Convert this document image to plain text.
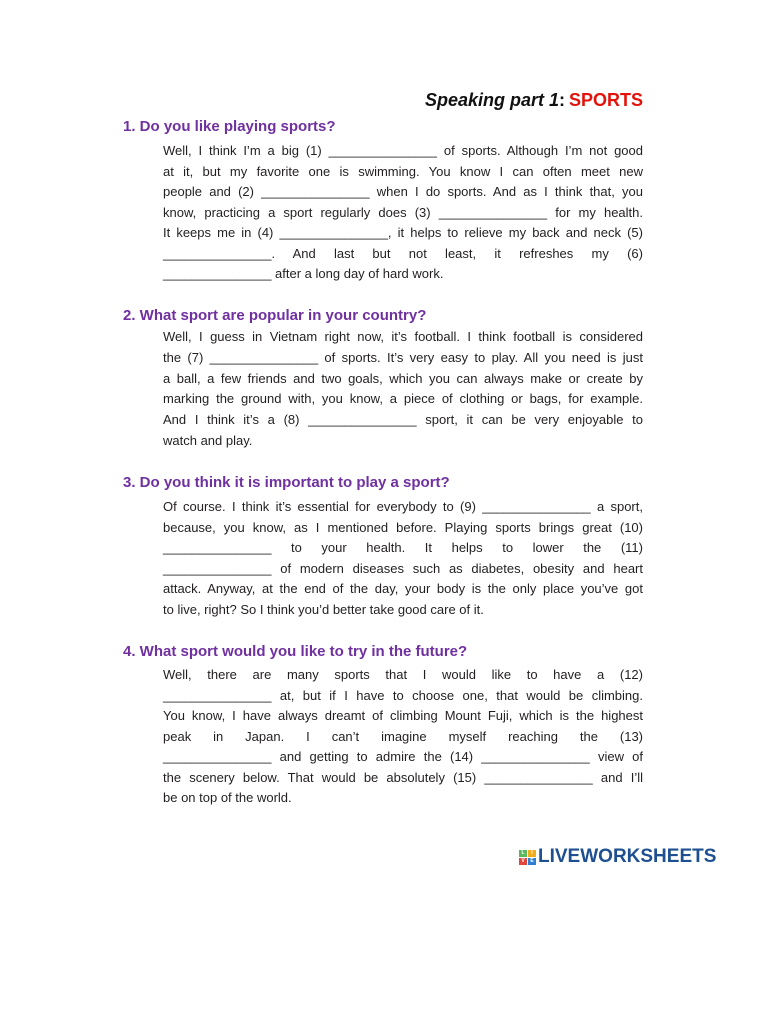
Speaking part 1: SPORTS
1. Do you like playing sports?
Well, I think I’m a big (1) _______________ of sports. Although I’m not good
at it, but my favorite one is swimming. You know I can often meet new
people and (2) _______________ when I do sports. And as I think that, you
know, practicing a sport regularly does (3) _______________ for my health.
It keeps me in (4) _______________, it helps to relieve my back and neck (5)
_______________. And last but not least, it refreshes my (6)
_______________ after a long day of hard work.
2. What sport are popular in your country?
Well, I guess in Vietnam right now, it’s football. I think football is considered
the (7) _______________ of sports. It’s very easy to play. All you need is just
a ball, a few friends and two goals, which you can always make or create by
marking the ground with, you know, a piece of clothing or bags, for example.
And I think it’s a (8) _______________ sport, it can be very enjoyable to
watch and play.
3. Do you think it is important to play a sport?
Of course. I think it’s essential for everybody to (9) _______________ a sport,
because, you know, as I mentioned before. Playing sports brings great (10)
_______________ to your health. It helps to lower the (11)
_______________ of modern diseases such as diabetes, obesity and heart
attack. Anyway, at the end of the day, your body is the only place you’ve got
to live, right? So I think you’d better take good care of it.
4. What sport would you like to try in the future?
Well, there are many sports that I would like to have a (12)
_______________ at, but if I have to choose one, that would be climbing.
You know, I have always dreamt of climbing Mount Fuji, which is the highest
peak in Japan. I can’t imagine myself reaching the (13)
_______________ and getting to admire the (14) _______________ view of
the scenery below. That would be absolutely (15) _______________ and I’ll
be on top of the world.
L	I
V	E LIVEWORKSHEETS
